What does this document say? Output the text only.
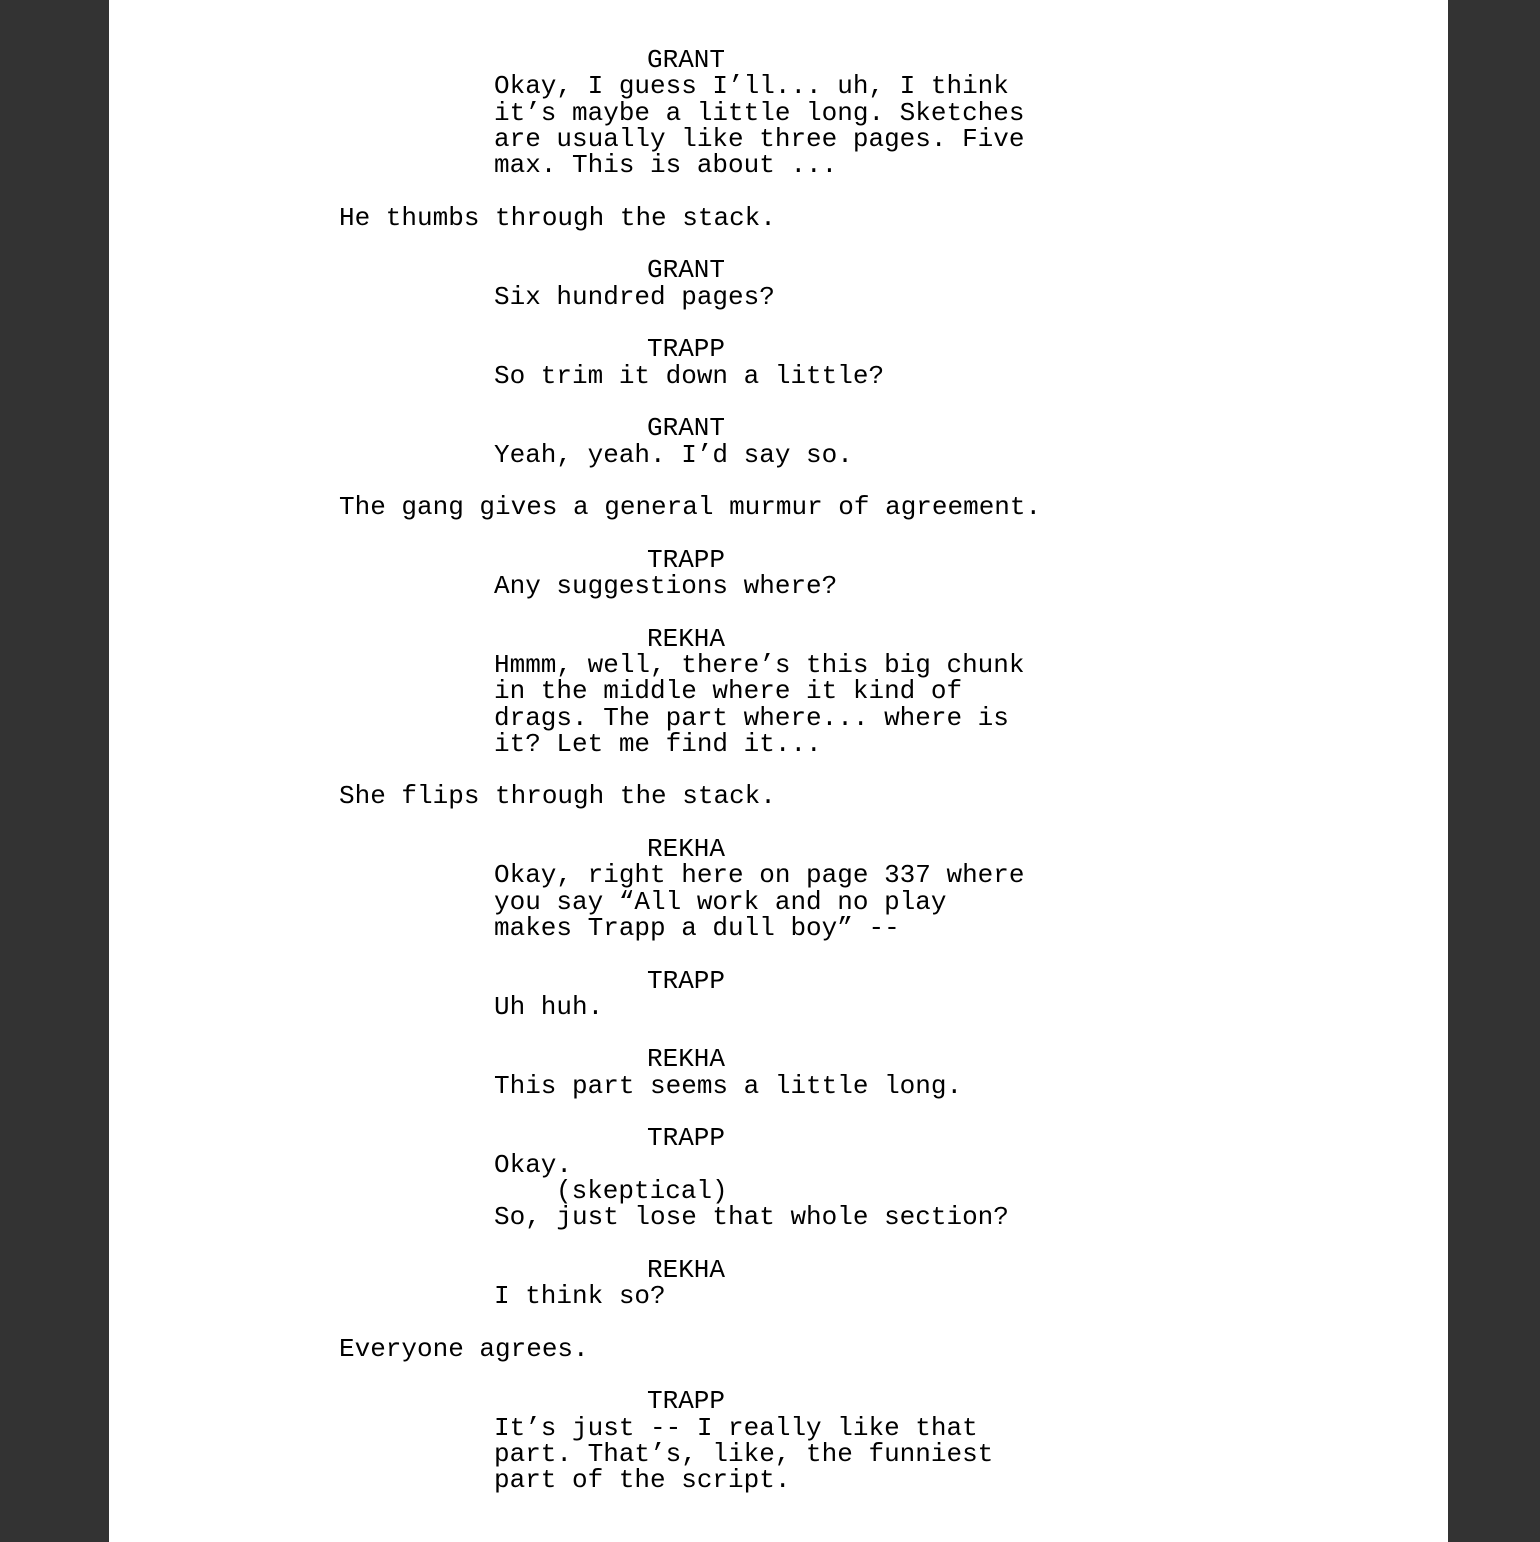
GRANT
Okay, I guess I’ll... uh, I think
it’s maybe a little long. Sketches
are usually like three pages. Five
max. This is about ...
He thumbs through the stack.
GRANT
Six hundred pages?
TRAPP
So trim it down a little?
GRANT
Yeah, yeah. I’d say so.
The gang gives a general murmur of agreement.
TRAPP
Any suggestions where?
REKHA
Hmmm, well, there’s this big chunk
in the middle where it kind of
drags. The part where... where is
it? Let me find it...
She flips through the stack.
REKHA
Okay, right here on page 337 where
you say “All work and no play
makes Trapp a dull boy” --
TRAPP
Uh huh.
REKHA
This part seems a little long.
TRAPP
Okay.
(skeptical)
So, just lose that whole section?
REKHA
I think so?
Everyone agrees.
TRAPP
It’s just -- I really like that
part. That’s, like, the funniest
part of the script.
